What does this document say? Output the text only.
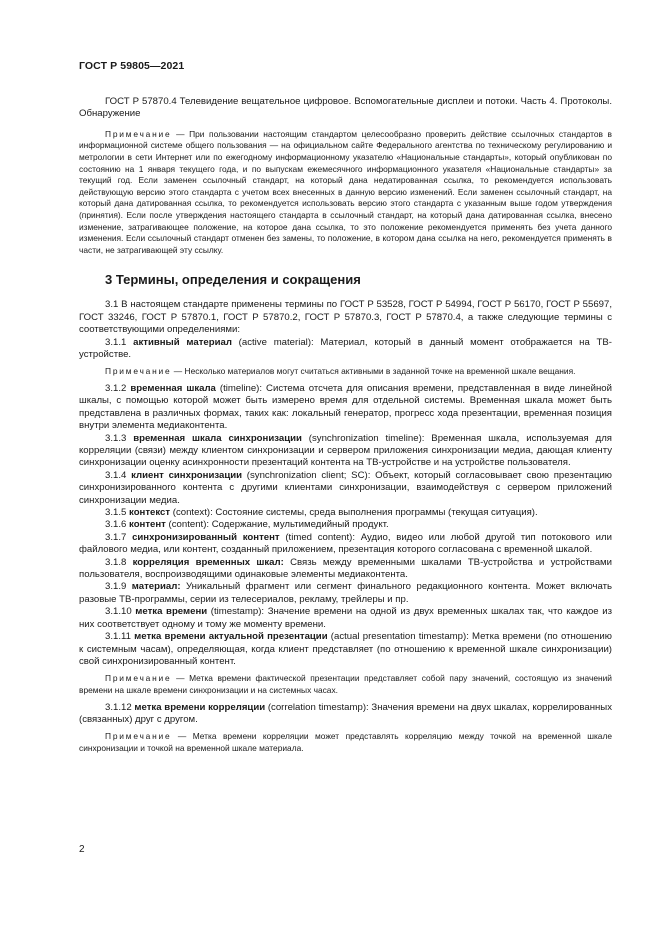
ГОСТ Р 59805—2021

ГОСТ Р 57870.4 Телевидение вещательное цифровое. Вспомогательные дисплеи и потоки. Часть 4. Протоколы. Обнаружение

Примечание — При пользовании настоящим стандартом целесообразно проверить действие ссылочных стандартов в информационной системе общего пользования — на официальном сайте Федерального агентства по техническому регулированию и метрологии в сети Интернет или по ежегодному информационному указателю «Национальные стандарты», который опубликован по состоянию на 1 января текущего года, и по выпускам ежемесячного информационного указателя «Национальные стандарты» за текущий год. Если заменен ссылочный стандарт, на который дана недатированная ссылка, то рекомендуется использовать действующую версию этого стандарта с учетом всех внесенных в данную версию изменений. Если заменен ссылочный стандарт, на который дана датированная ссылка, то рекомендуется использовать версию этого стандарта с указанным выше годом утверждения (принятия). Если после утверждения настоящего стандарта в ссылочный стандарт, на который дана датированная ссылка, внесено изменение, затрагивающее положение, на которое дана ссылка, то это положение рекомендуется применять без учета данного изменения. Если ссылочный стандарт отменен без замены, то положение, в котором дана ссылка на него, рекомендуется применять в части, не затрагивающей эту ссылку.

3 Термины, определения и сокращения

3.1 В настоящем стандарте применены термины по ГОСТ Р 53528, ГОСТ Р 54994, ГОСТ Р 56170, ГОСТ Р 55697, ГОСТ 33246, ГОСТ Р 57870.1, ГОСТ Р 57870.2, ГОСТ Р 57870.3, ГОСТ Р 57870.4, а также следующие термины с соответствующими определениями:

3.1.1 активный материал (active material): Материал, который в данный момент отображается на ТВ-устройстве.

Примечание — Несколько материалов могут считаться активными в заданной точке на временной шкале вещания.

3.1.2 временная шкала (timeline): Система отсчета для описания времени, представленная в виде линейной шкалы, с помощью которой может быть измерено время для отдельной системы. Временная шкала может быть представлена в различных формах, таких как: локальный генератор, прогресс хода презентации, временная позиция внутри элемента медиаконтента.

3.1.3 временная шкала синхронизации (synchronization timeline): Временная шкала, используемая для корреляции (связи) между клиентом синхронизации и сервером приложения синхронизации медиа, дающая клиенту синхронизации оценку асинхронности презентаций контента на ТВ-устройстве и на устройстве пользователя.

3.1.4 клиент синхронизации (synchronization client; SC): Объект, который согласовывает свою презентацию синхронизированного контента с другими клиентами синхронизации, взаимодействуя с сервером приложений синхронизации медиа.

3.1.5 контекст (context): Состояние системы, среда выполнения программы (текущая ситуация).

3.1.6 контент (content): Содержание, мультимедийный продукт.

3.1.7 синхронизированный контент (timed content): Аудио, видео или любой другой тип потокового или файлового медиа, или контент, созданный приложением, презентация которого согласована с временной шкалой.

3.1.8 корреляция временных шкал: Связь между временными шкалами ТВ-устройства и устройствами пользователя, воспроизводящими одинаковые элементы медиаконтента.

3.1.9 материал: Уникальный фрагмент или сегмент финального редакционного контента. Может включать разовые ТВ-программы, серии из телесериалов, рекламу, трейлеры и пр.

3.1.10 метка времени (timestamp): Значение времени на одной из двух временных шкалах так, что каждое из них соответствует одному и тому же моменту времени.

3.1.11 метка времени актуальной презентации (actual presentation timestamp): Метка времени (по отношению к системным часам), определяющая, когда клиент представляет (по отношению к временной шкале синхронизации) свой синхронизированный контент.

Примечание — Метка времени фактической презентации представляет собой пару значений, состоящую из значений времени на шкале времени синхронизации и на системных часах.

3.1.12 метка времени корреляции (correlation timestamp): Значения времени на двух шкалах, коррелированных (связанных) друг с другом.

Примечание — Метка времени корреляции может представлять корреляцию между точкой на временной шкале синхронизации и точкой на временной шкале материала.

2
